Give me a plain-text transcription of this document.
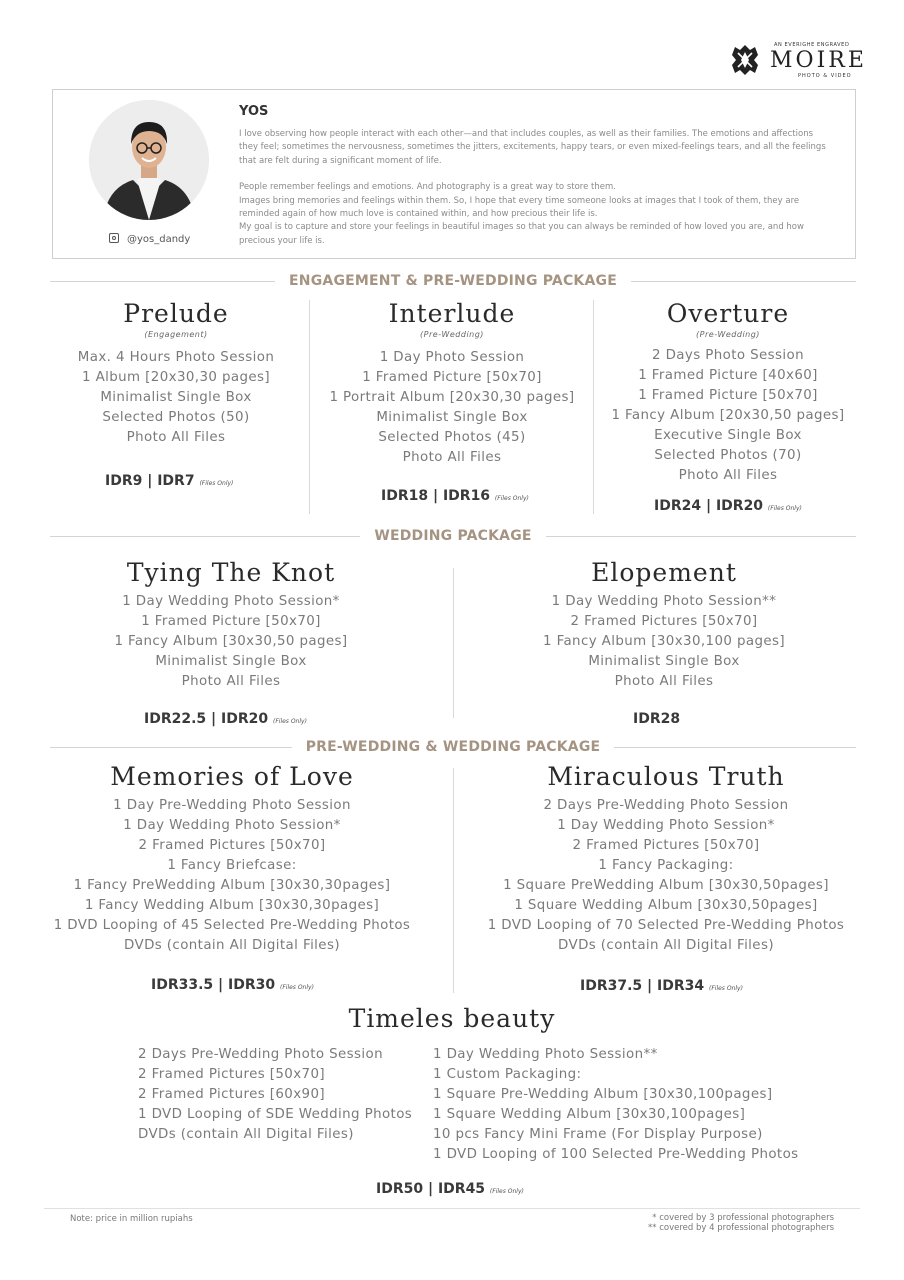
AN EVERIGHE ENGRAVED
MOIRE
PHOTO & VIDEO
@yos_dandy
YOS

I love observing how people interact with each other—and that includes couples, as well as their families. The emotions and affections they feel; sometimes the nervousness, sometimes the jitters, excitements, happy tears, or even mixed-feelings tears, and all the feelings that are felt during a significant moment of life.

People remember feelings and emotions. And photography is a great way to store them.

Images bring memories and feelings within them. So, I hope that every time someone looks at images that I took of them, they are reminded again of how much love is contained within, and how precious their life is.

My goal is to capture and store your feelings in beautiful images so that you can always be reminded of how loved you are, and how precious your life is.

ENGAGEMENT & PRE-WEDDING PACKAGE
Prelude
(Engagement)
Max. 4 Hours Photo Session
1 Album [20x30,30 pages]
Minimalist Single Box
Selected Photos (50)
Photo All Files
IDR9 | IDR7 (Files Only)
Interlude
(Pre-Wedding)
1 Day Photo Session
1 Framed Picture [50x70]
1 Portrait Album [20x30,30 pages]
Minimalist Single Box
Selected Photos (45)
Photo All Files
IDR18 | IDR16 (Files Only)
Overture
(Pre-Wedding)
2 Days Photo Session
1 Framed Picture [40x60]
1 Framed Picture [50x70]
1 Fancy Album [20x30,50 pages]
Executive Single Box
Selected Photos (70)
Photo All Files
IDR24 | IDR20 (Files Only)
WEDDING PACKAGE
Tying The Knot
1 Day Wedding Photo Session*
1 Framed Picture [50x70]
1 Fancy Album [30x30,50 pages]
Minimalist Single Box
Photo All Files
IDR22.5 | IDR20 (Files Only)
Elopement
1 Day Wedding Photo Session**
2 Framed Pictures [50x70]
1 Fancy Album [30x30,100 pages]
Minimalist Single Box
Photo All Files
IDR28
PRE-WEDDING & WEDDING PACKAGE
Memories of Love
1 Day Pre-Wedding Photo Session
1 Day Wedding Photo Session*
2 Framed Pictures [50x70]
1 Fancy Briefcase:
1 Fancy PreWedding Album [30x30,30pages]
1 Fancy Wedding Album [30x30,30pages]
1 DVD Looping of 45 Selected Pre-Wedding Photos
DVDs (contain All Digital Files)
IDR33.5 | IDR30 (Files Only)
Miraculous Truth
2 Days Pre-Wedding Photo Session
1 Day Wedding Photo Session*
2 Framed Pictures [50x70]
1 Fancy Packaging:
1 Square PreWedding Album [30x30,50pages]
1 Square Wedding Album [30x30,50pages]
1 DVD Looping of 70 Selected Pre-Wedding Photos
DVDs (contain All Digital Files)
IDR37.5 | IDR34 (Files Only)
Timeles beauty
2 Days Pre-Wedding Photo Session
2 Framed Pictures [50x70]
2 Framed Pictures [60x90]
1 DVD Looping of SDE Wedding Photos
DVDs (contain All Digital Files)
1 Day Wedding Photo Session**
1 Custom Packaging:
1 Square Pre-Wedding Album [30x30,100pages]
1 Square Wedding Album [30x30,100pages]
10 pcs Fancy Mini Frame (For Display Purpose)
1 DVD Looping of 100 Selected Pre-Wedding Photos
IDR50 | IDR45 (Files Only)
Note: price in million rupiahs	* covered by 3 professional photographers
** covered by 4 professional photographers
